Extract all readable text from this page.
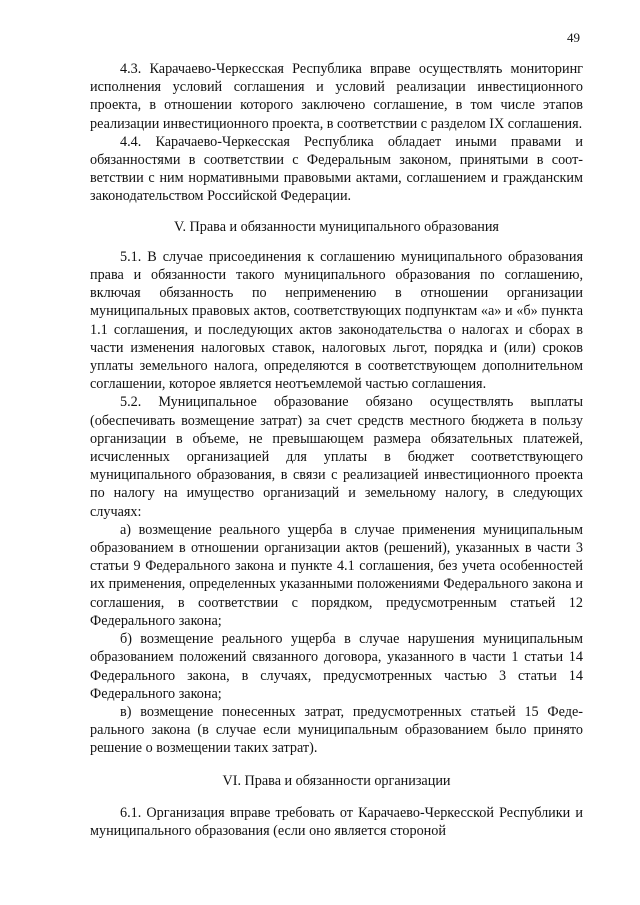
49

4.3. Карачаево-Черкесская Республика вправе осуществлять мониторинг исполнения условий соглашения и условий реализации инвестиционного проекта, в отношении которого заключено соглашение, в том числе этапов реализации инвестиционного проекта, в соответствии с разделом IX соглашения.

4.4. Карачаево-Черкесская Республика обладает иными правами и обязанностями в соответствии с Федеральным законом, принятыми в соответствии с ним нормативными правовыми актами, соглашением и гражданским законодательством Российской Федерации.

V. Права и обязанности муниципального образования

5.1. В случае присоединения к соглашению муниципального образования права и обязанности такого муниципального образования по соглашению, включая обязанность по неприменению в отношении организации муниципальных правовых актов, соответствующих подпунктам «а» и «б» пункта 1.1 соглашения, и последующих актов законодательства о налогах и сборах в части изменения налоговых ставок, налоговых льгот, порядка и (или) сроков уплаты земельного налога, определяются в соответствующем дополнительном соглашении, которое является неотъемлемой частью соглашения.

5.2. Муниципальное образование обязано осуществлять выплаты (обеспечивать возмещение затрат) за счет средств местного бюджета в пользу организации в объеме, не превышающем размера обязательных платежей, исчисленных организацией для уплаты в бюджет соответствующего муниципального образования, в связи с реализацией инвестиционного проекта по налогу на имущество организаций и земельному налогу, в следующих случаях:

а) возмещение реального ущерба в случае применения муниципальным образованием в отношении организации актов (решений), указанных в части 3 статьи 9 Федерального закона и пункте 4.1 соглашения, без учета особенностей их применения, определенных указанными положениями Федерального закона и соглашения, в соответствии с порядком, предусмотренным статьей 12 Федерального закона;

б) возмещение реального ущерба в случае нарушения муниципальным образованием положений связанного договора, указанного в части 1 статьи 14 Федерального закона, в случаях, предусмотренных частью 3 статьи 14 Федерального закона;

в) возмещение понесенных затрат, предусмотренных статьей 15 Федерального закона (в случае если муниципальным образованием было принято решение о возмещении таких затрат).

VI. Права и обязанности организации

6.1. Организация вправе требовать от Карачаево-Черкесской Республики и муниципального образования (если оно является стороной
